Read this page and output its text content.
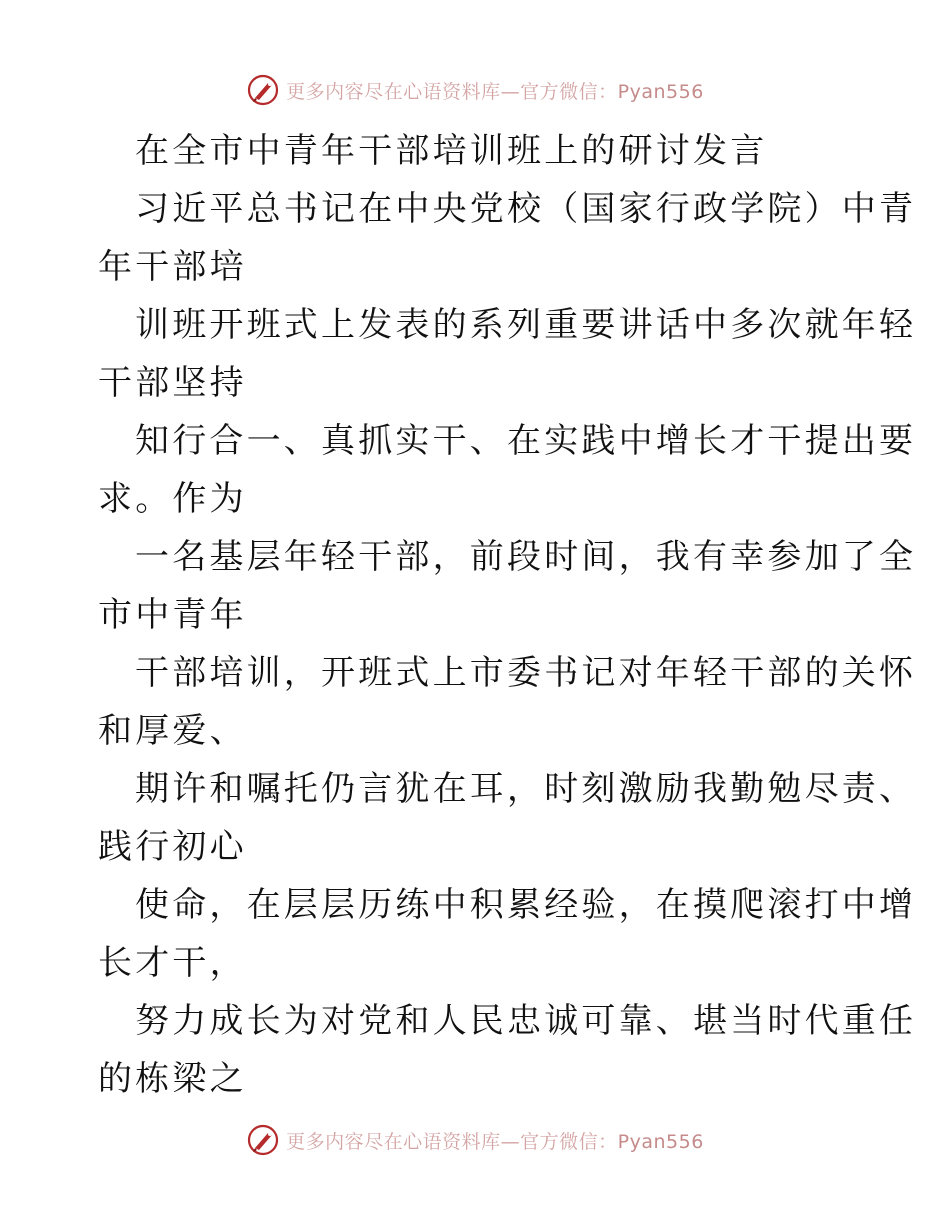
更多内容尽在心语资料库—官方微信：Pyan556
在全市中青年干部培训班上的研讨发言
习近平总书记在中央党校（国家行政学院）中青
年干部培
训班开班式上发表的系列重要讲话中多次就年轻
干部坚持
知行合一、真抓实干、在实践中增长才干提出要
求。作为
一名基层年轻干部，前段时间，我有幸参加了全
市中青年
干部培训，开班式上市委书记对年轻干部的关怀
和厚爱、
期许和嘱托仍言犹在耳，时刻激励我勤勉尽责、
践行初心
使命，在层层历练中积累经验，在摸爬滚打中增
长才干，
努力成长为对党和人民忠诚可靠、堪当时代重任
的栋梁之
更多内容尽在心语资料库—官方微信：Pyan556
